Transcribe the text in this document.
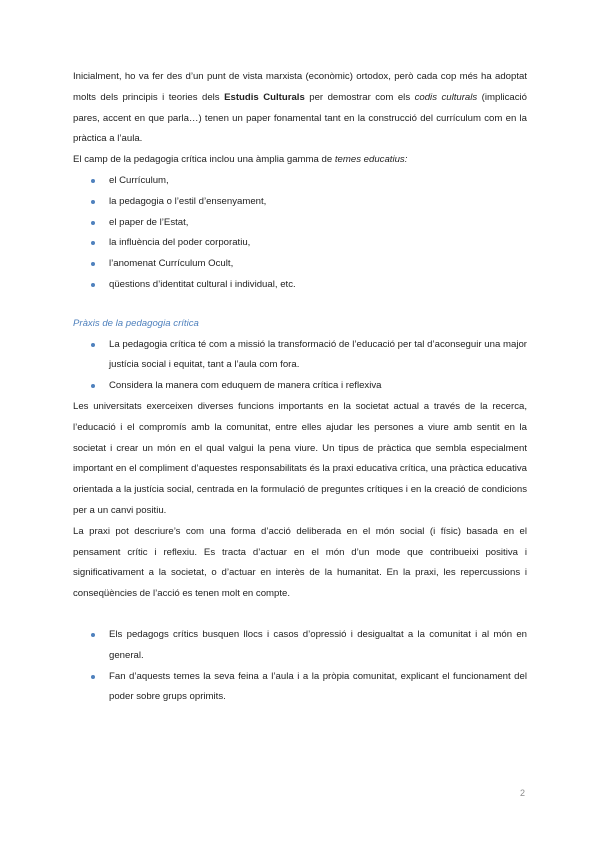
Inicialment, ho va fer des d’un punt de vista marxista (econòmic) ortodox, però cada cop més ha adoptat molts dels principis i teories dels Estudis Culturals per demostrar com els codis culturals (implicació pares, accent en que parla…) tenen un paper fonamental tant en la construcció del currículum com en la pràctica a l’aula.

El camp de la pedagogia crítica inclou una àmplia gamma de temes educatius:

el Currículum,
la pedagogia o l’estil d’ensenyament,
el paper de l’Estat,
la influència del poder corporatiu,
l’anomenat Currículum Ocult,
qüestions d’identitat cultural i individual, etc.

Pràxis de la pedagogia crítica

La pedagogia crítica té com a missió la transformació de l’educació per tal d’aconseguir una major justícia social i equitat, tant a l’aula com fora.
Considera la manera com eduquem de manera crítica i reflexiva

Les universitats exerceixen diverses funcions importants en la societat actual a través de la recerca, l’educació i el compromís amb la comunitat, entre elles ajudar les persones a viure amb sentit en la societat i crear un món en el qual valgui la pena viure. Un tipus de pràctica que sembla especialment important en el compliment d’aquestes responsabilitats és la praxi educativa crítica, una pràctica educativa orientada a la justícia social, centrada en la formulació de preguntes crítiques i en la creació de condicions per a un canvi positiu.

La praxi pot descriure’s com una forma d’acció deliberada en el món social (i físic) basada en el pensament crític i reflexiu. Es tracta d’actuar en el món d’un mode que contribueixi positiva i significativament a la societat, o d’actuar en interès de la humanitat. En la praxi, les repercussions i conseqüències de l’acció es tenen molt en compte.

Els pedagogs crítics busquen llocs i casos d’opressió i desigualtat a la comunitat i al món en general.
Fan d’aquests temes la seva feina a l’aula i a la pròpia comunitat, explicant el funcionament del poder sobre grups oprimits.
2
